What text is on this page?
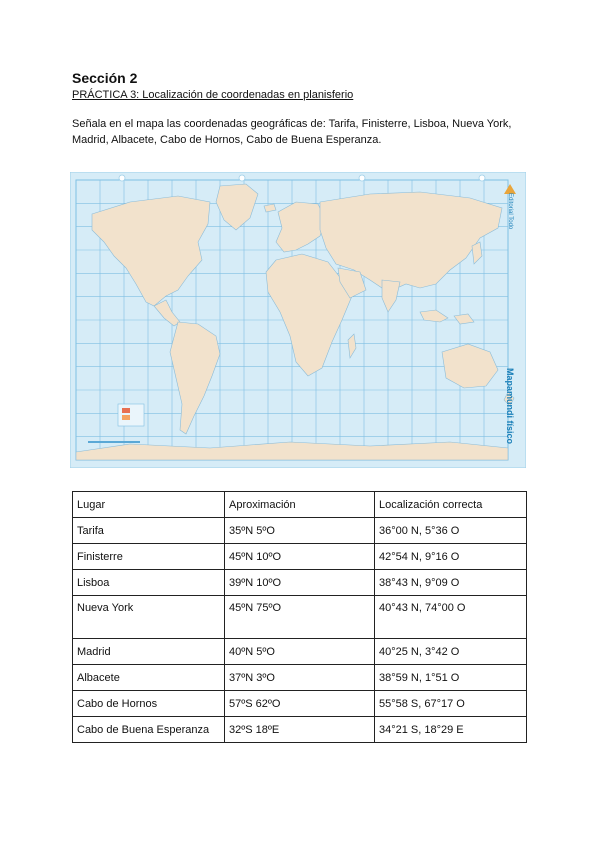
Sección 2
PRÁCTICA 3: Localización de coordenadas en planisferio
Señala en el mapa las coordenadas geográficas de: Tarifa, Finisterre, Lisboa, Nueva York, Madrid, Albacete, Cabo de Hornos, Cabo de Buena Esperanza.
Mapamundi físico
Editorial Todo
Lugar	Aproximación	Localización correcta
Tarifa	35ºN 5ºO	36°00 N, 5°36 O
Finisterre	45ºN 10ºO	42°54 N, 9°16 O
Lisboa	39ºN 10ºO	38°43 N, 9°09 O
Nueva York	45ºN 75ºO	40°43 N, 74°00 O
Madrid	40ºN 5ºO	40°25 N, 3°42 O
Albacete	37ºN 3ºO	38°59 N, 1°51 O
Cabo de Hornos	57ºS 62ºO	55°58 S, 67°17 O
Cabo de Buena Esperanza	32ºS 18ºE	34°21 S, 18°29 E
